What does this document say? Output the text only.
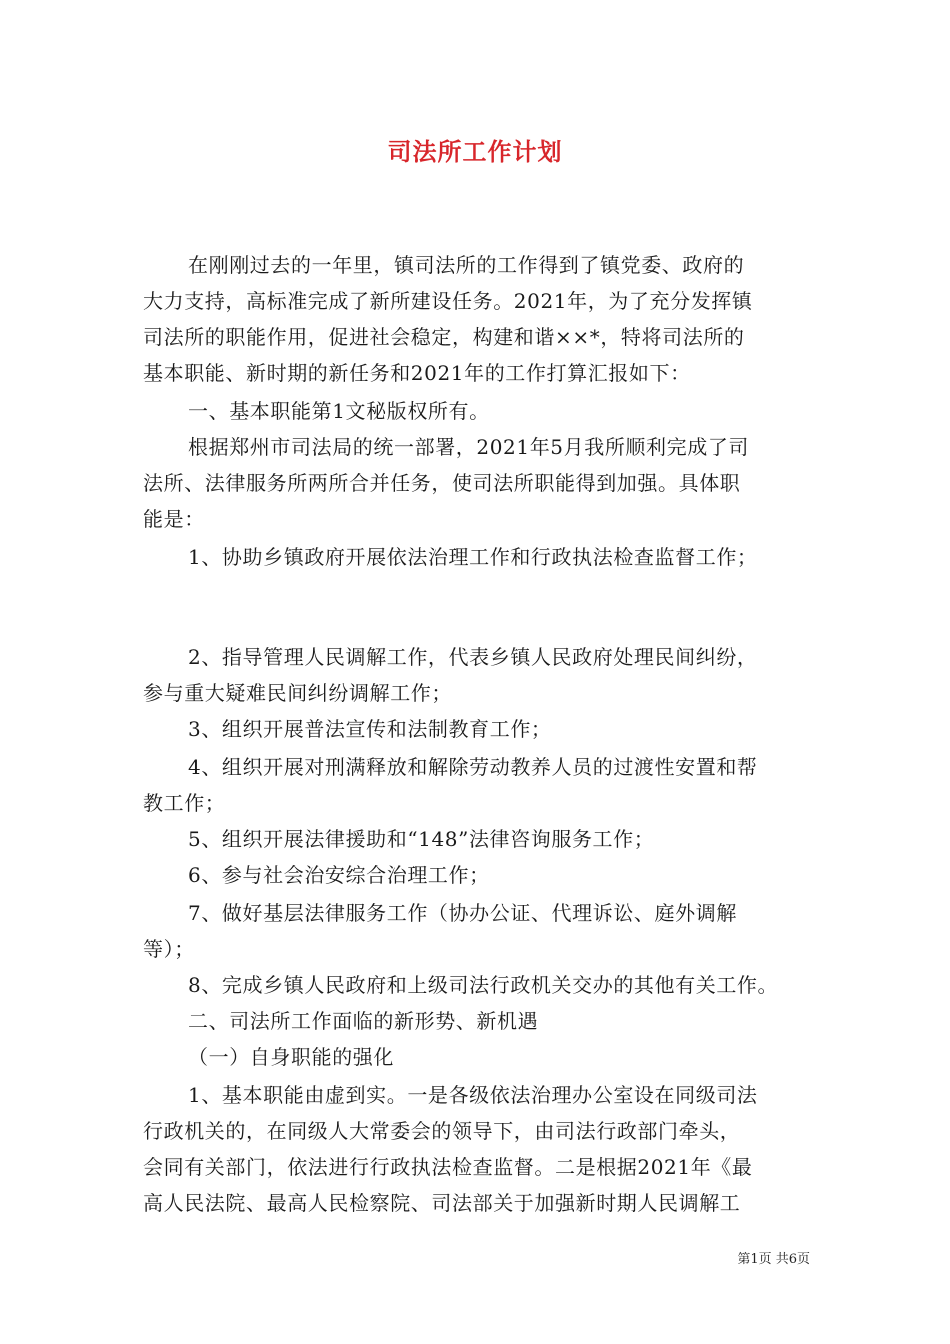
司法所工作计划
在刚刚过去的一年里，镇司法所的工作得到了镇党委、政府的
大力支持，高标准完成了新所建设任务。2021年，为了充分发挥镇
司法所的职能作用，促进社会稳定，构建和谐××*，特将司法所的
基本职能、新时期的新任务和2021年的工作打算汇报如下：
一、基本职能第1文秘版权所有。
根据郑州市司法局的统一部署，2021年5月我所顺利完成了司
法所、法律服务所两所合并任务，使司法所职能得到加强。具体职
能是：
1、协助乡镇政府开展依法治理工作和行政执法检查监督工作；
2、指导管理人民调解工作，代表乡镇人民政府处理民间纠纷，
参与重大疑难民间纠纷调解工作；
3、组织开展普法宣传和法制教育工作；
4、组织开展对刑满释放和解除劳动教养人员的过渡性安置和帮
教工作；
5、组织开展法律援助和“148”法律咨询服务工作；
6、参与社会治安综合治理工作；
7、做好基层法律服务工作（协办公证、代理诉讼、庭外调解
等）；
8、完成乡镇人民政府和上级司法行政机关交办的其他有关工作。
二、司法所工作面临的新形势、新机遇
（一）自身职能的强化
1、基本职能由虚到实。一是各级依法治理办公室设在同级司法
行政机关的，在同级人大常委会的领导下，由司法行政部门牵头，
会同有关部门，依法进行行政执法检查监督。二是根据2021年《最
高人民法院、最高人民检察院、司法部关于加强新时期人民调解工
第1页 共6页
